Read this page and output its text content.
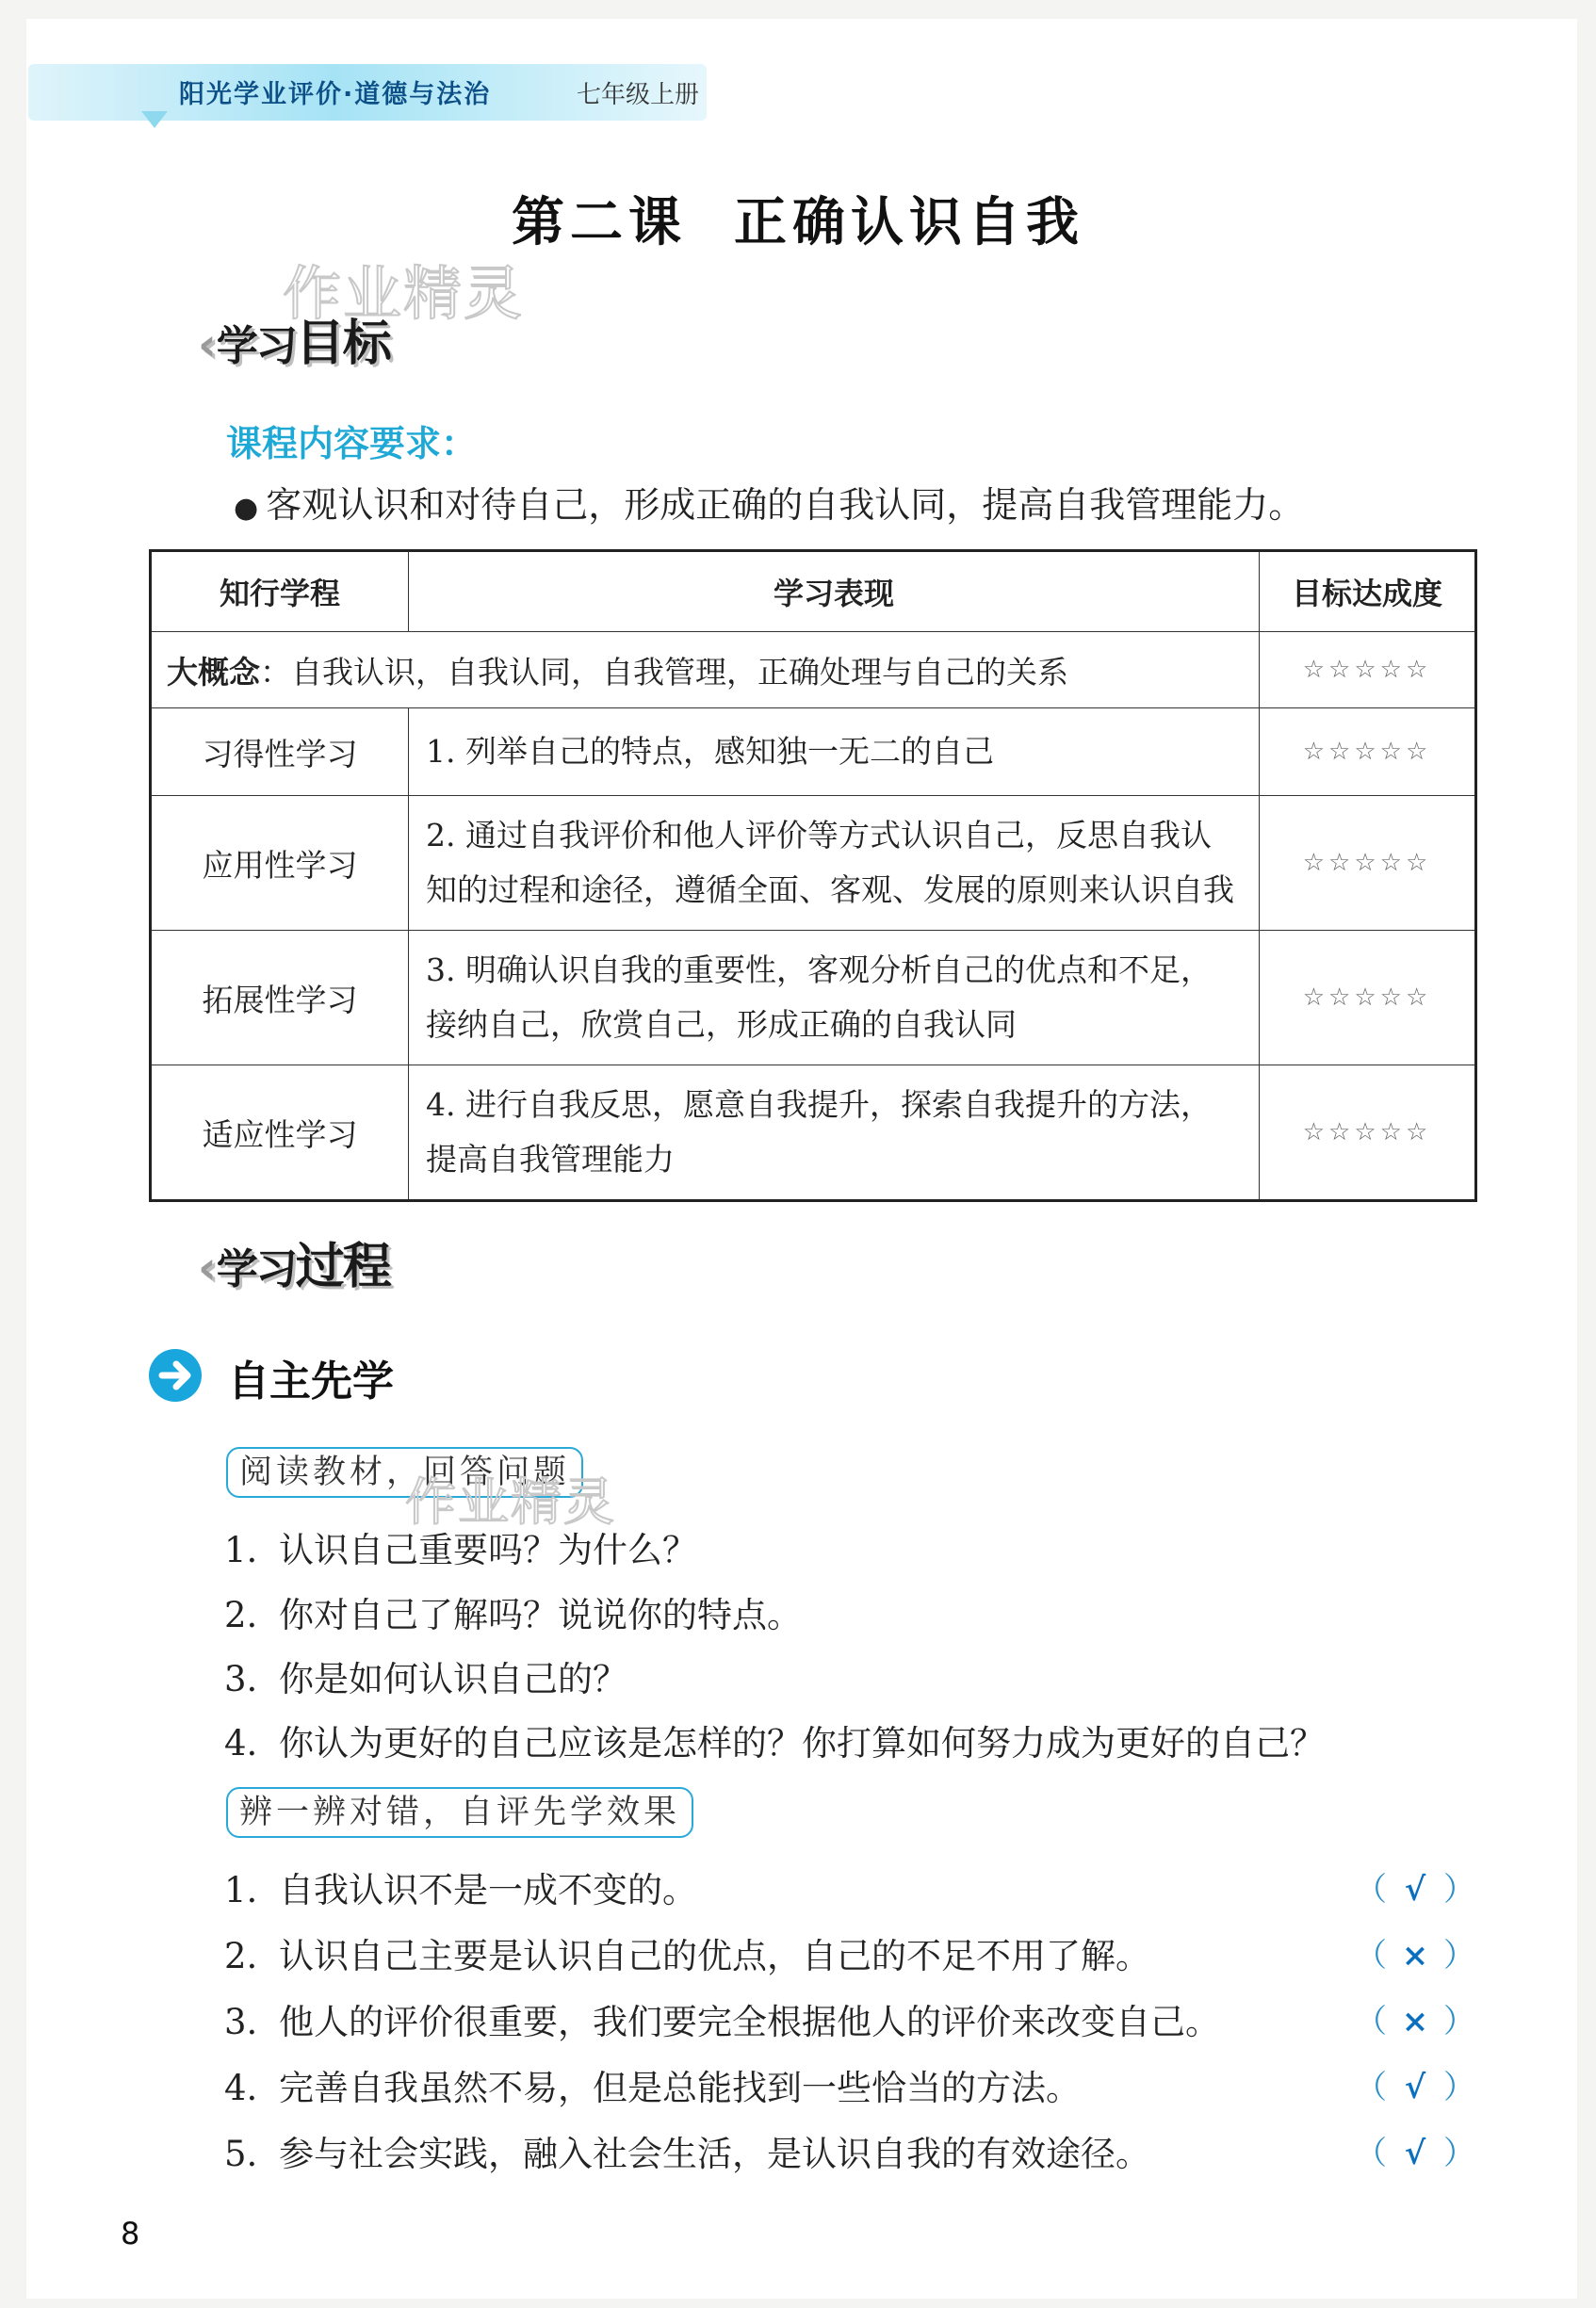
阳光学业评价·道德与法治	七年级上册
第二课 正确认识自我
作业精灵
‹学习目标
课程内容要求：
● 客观认识和对待自己，形成正确的自我认同，提高自我管理能力。
知行学程	学习表现	目标达成度
大概念：自我认识，自我认同，自我管理，正确处理与自己的关系		☆☆☆☆☆
习得性学习	1. 列举自己的特点，感知独一无二的自己	☆☆☆☆☆
应用性学习	2. 通过自我评价和他人评价等方式认识自己，反思自我认知的过程和途径，遵循全面、客观、发展的原则来认识自我	☆☆☆☆☆
拓展性学习	3. 明确认识自我的重要性，客观分析自己的优点和不足，接纳自己，欣赏自己，形成正确的自我认同	☆☆☆☆☆
适应性学习	4. 进行自我反思，愿意自我提升，探索自我提升的方法，提高自我管理能力	☆☆☆☆☆
‹学习过程
自主先学
阅读教材，回答问题
作业精灵
1. 认识自己重要吗？为什么？
2. 你对自己了解吗？说说你的特点。
3. 你是如何认识自己的？
4. 你认为更好的自己应该是怎样的？你打算如何努力成为更好的自己？
辨一辨对错，自评先学效果
1. 自我认识不是一成不变的。	（ √ ）
2. 认识自己主要是认识自己的优点，自己的不足不用了解。	（ × ）
3. 他人的评价很重要，我们要完全根据他人的评价来改变自己。	（ × ）
4. 完善自我虽然不易，但是总能找到一些恰当的方法。	（ √ ）
5. 参与社会实践，融入社会生活，是认识自我的有效途径。	（ √ ）
8
